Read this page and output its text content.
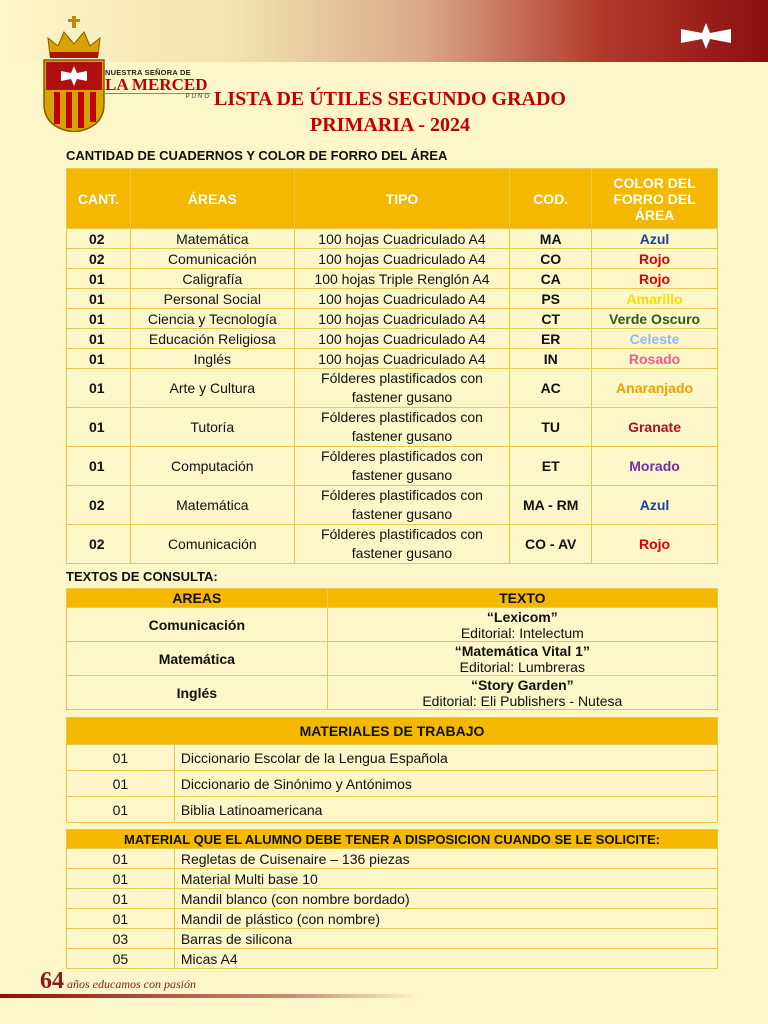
NUESTRA SEÑORA DE
LA MERCED
PUNO LISTA DE ÚTILES SEGUNDO GRADO
PRIMARIA - 2024
CANTIDAD DE CUADERNOS Y COLOR DE FORRO DEL ÁREA
CANT.	ÁREAS	TIPO	COD.	COLOR DEL FORRO DEL ÁREA
02	Matemática	100 hojas Cuadriculado A4	MA	Azul
02	Comunicación	100 hojas Cuadriculado A4	CO	Rojo
01	Caligrafía	100 hojas Triple Renglón A4	CA	Rojo
01	Personal Social	100 hojas Cuadriculado A4	PS	Amarillo
01	Ciencia y Tecnología	100 hojas Cuadriculado A4	CT	Verde Oscuro
01	Educación Religiosa	100 hojas Cuadriculado A4	ER	Celeste
01	Inglés	100 hojas Cuadriculado A4	IN	Rosado
01	Arte y Cultura	Fólderes plastificados con fastener gusano	AC	Anaranjado
01	Tutoría	Fólderes plastificados con fastener gusano	TU	Granate
01	Computación	Fólderes plastificados con fastener gusano	ET	Morado
02	Matemática	Fólderes plastificados con fastener gusano	MA - RM	Azul
02	Comunicación	Fólderes plastificados con fastener gusano	CO - AV	Rojo
TEXTOS DE CONSULTA:
AREAS	TEXTO
Comunicación	“Lexicom”
Editorial: Intelectum

Matemática	“Matemática Vital 1”
Editorial: Lumbreras

Inglés	“Story Garden”
Editorial: Eli Publishers - Nutesa
MATERIALES DE TRABAJO	
01	Diccionario Escolar de la Lengua Española
01	Diccionario de Sinónimo y Antónimos
01	Biblia Latinoamericana
MATERIAL QUE EL ALUMNO DEBE TENER A DISPOSICION CUANDO SE LE SOLICITE:	
01	Regletas de Cuisenaire – 136 piezas
01	Material Multi base 10
01	Mandil blanco (con nombre bordado)
01	Mandil de plástico (con nombre)
03	Barras de silicona
05	Micas A4
64 años educamos con pasión
